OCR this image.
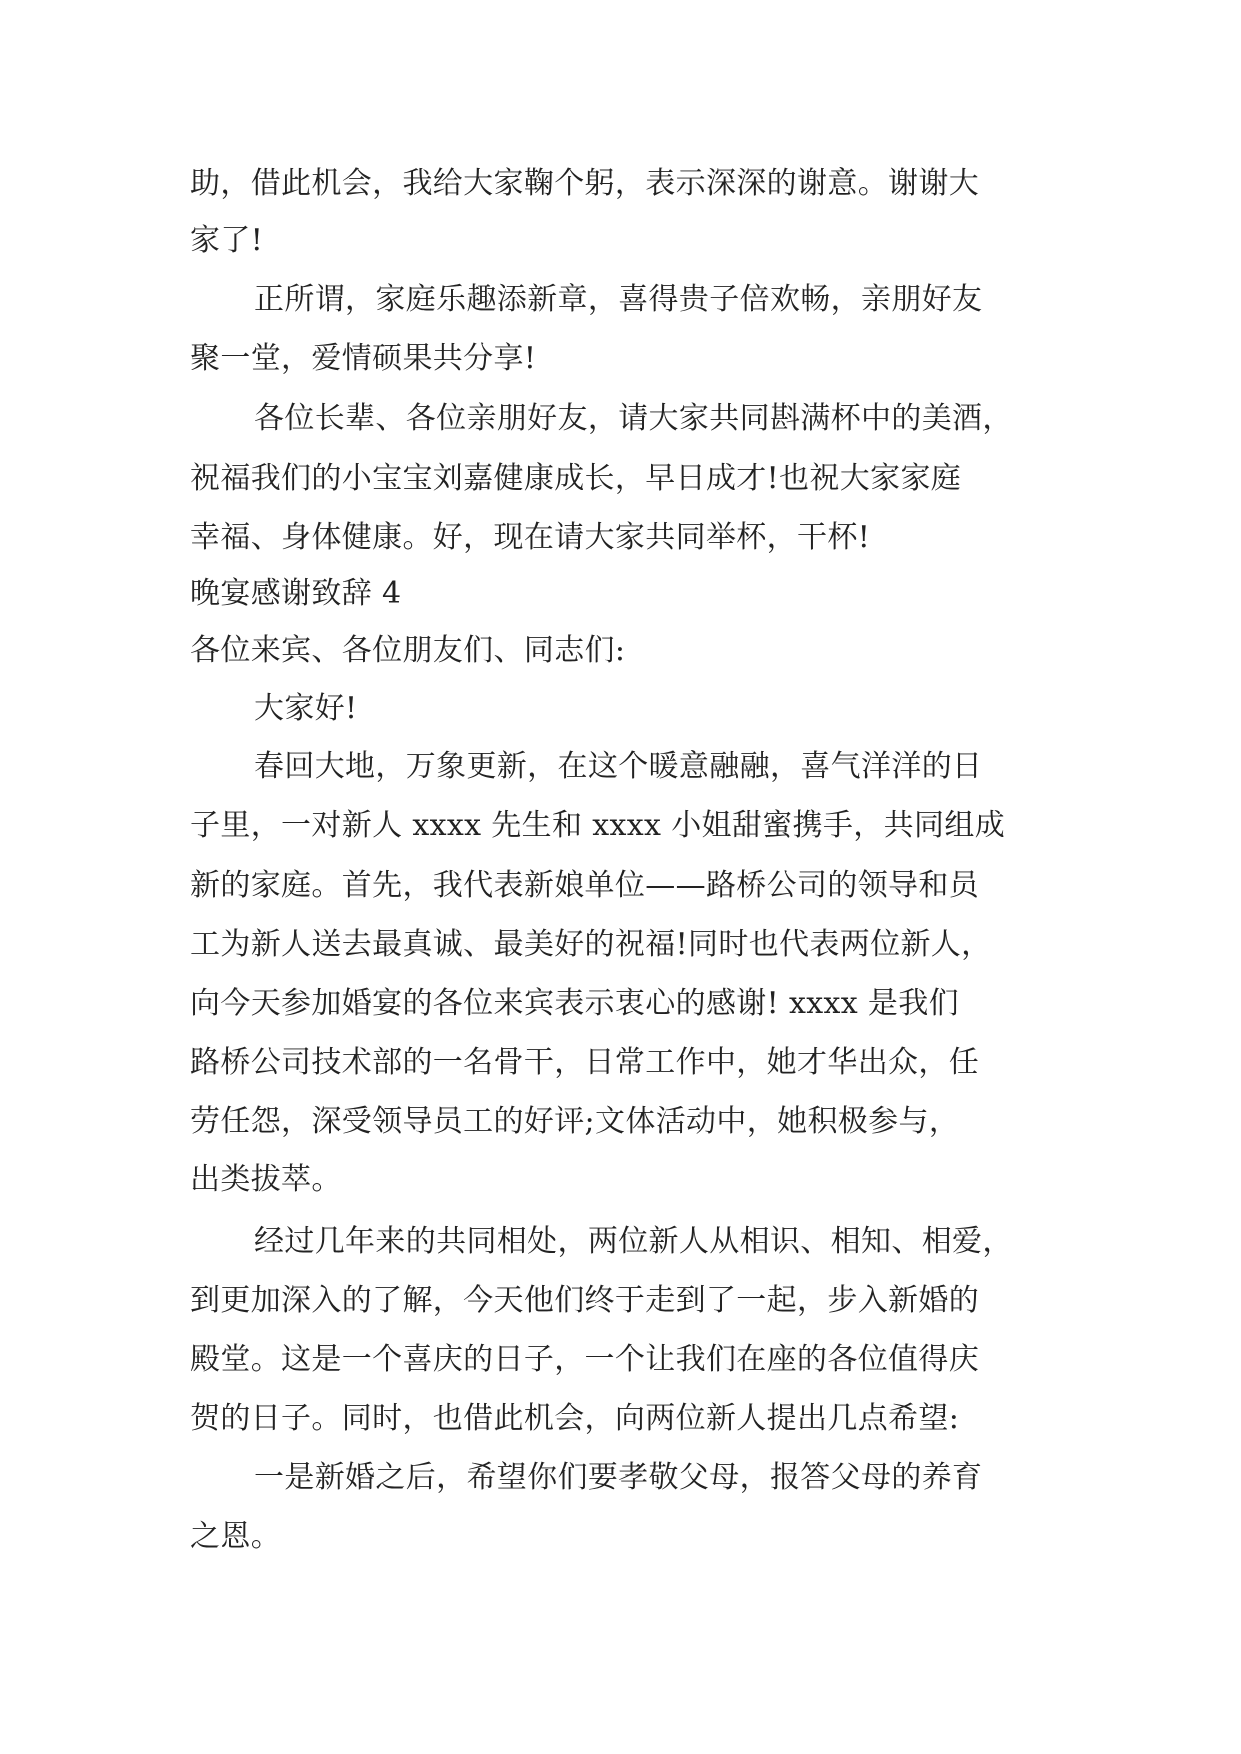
助，借此机会，我给大家鞠个躬，表示深深的谢意。谢谢大
家了!
正所谓，家庭乐趣添新章，喜得贵子倍欢畅，亲朋好友
聚一堂，爱情硕果共分享!
各位长辈、各位亲朋好友，请大家共同斟满杯中的美酒，
祝福我们的小宝宝刘嘉健康成长，早日成才!也祝大家家庭
幸福、身体健康。好，现在请大家共同举杯，干杯!
晚宴感谢致辞 4
各位来宾、各位朋友们、同志们:
大家好!
春回大地，万象更新，在这个暖意融融，喜气洋洋的日
子里，一对新人 xxxx 先生和 xxxx 小姐甜蜜携手，共同组成
新的家庭。首先，我代表新娘单位——路桥公司的领导和员
工为新人送去最真诚、最美好的祝福!同时也代表两位新人，
向今天参加婚宴的各位来宾表示衷心的感谢! xxxx 是我们
路桥公司技术部的一名骨干，日常工作中，她才华出众，任
劳任怨，深受领导员工的好评;文体活动中，她积极参与，
出类拔萃。
经过几年来的共同相处，两位新人从相识、相知、相爱，
到更加深入的了解，今天他们终于走到了一起，步入新婚的
殿堂。这是一个喜庆的日子，一个让我们在座的各位值得庆
贺的日子。同时，也借此机会，向两位新人提出几点希望:
一是新婚之后，希望你们要孝敬父母，报答父母的养育
之恩。
